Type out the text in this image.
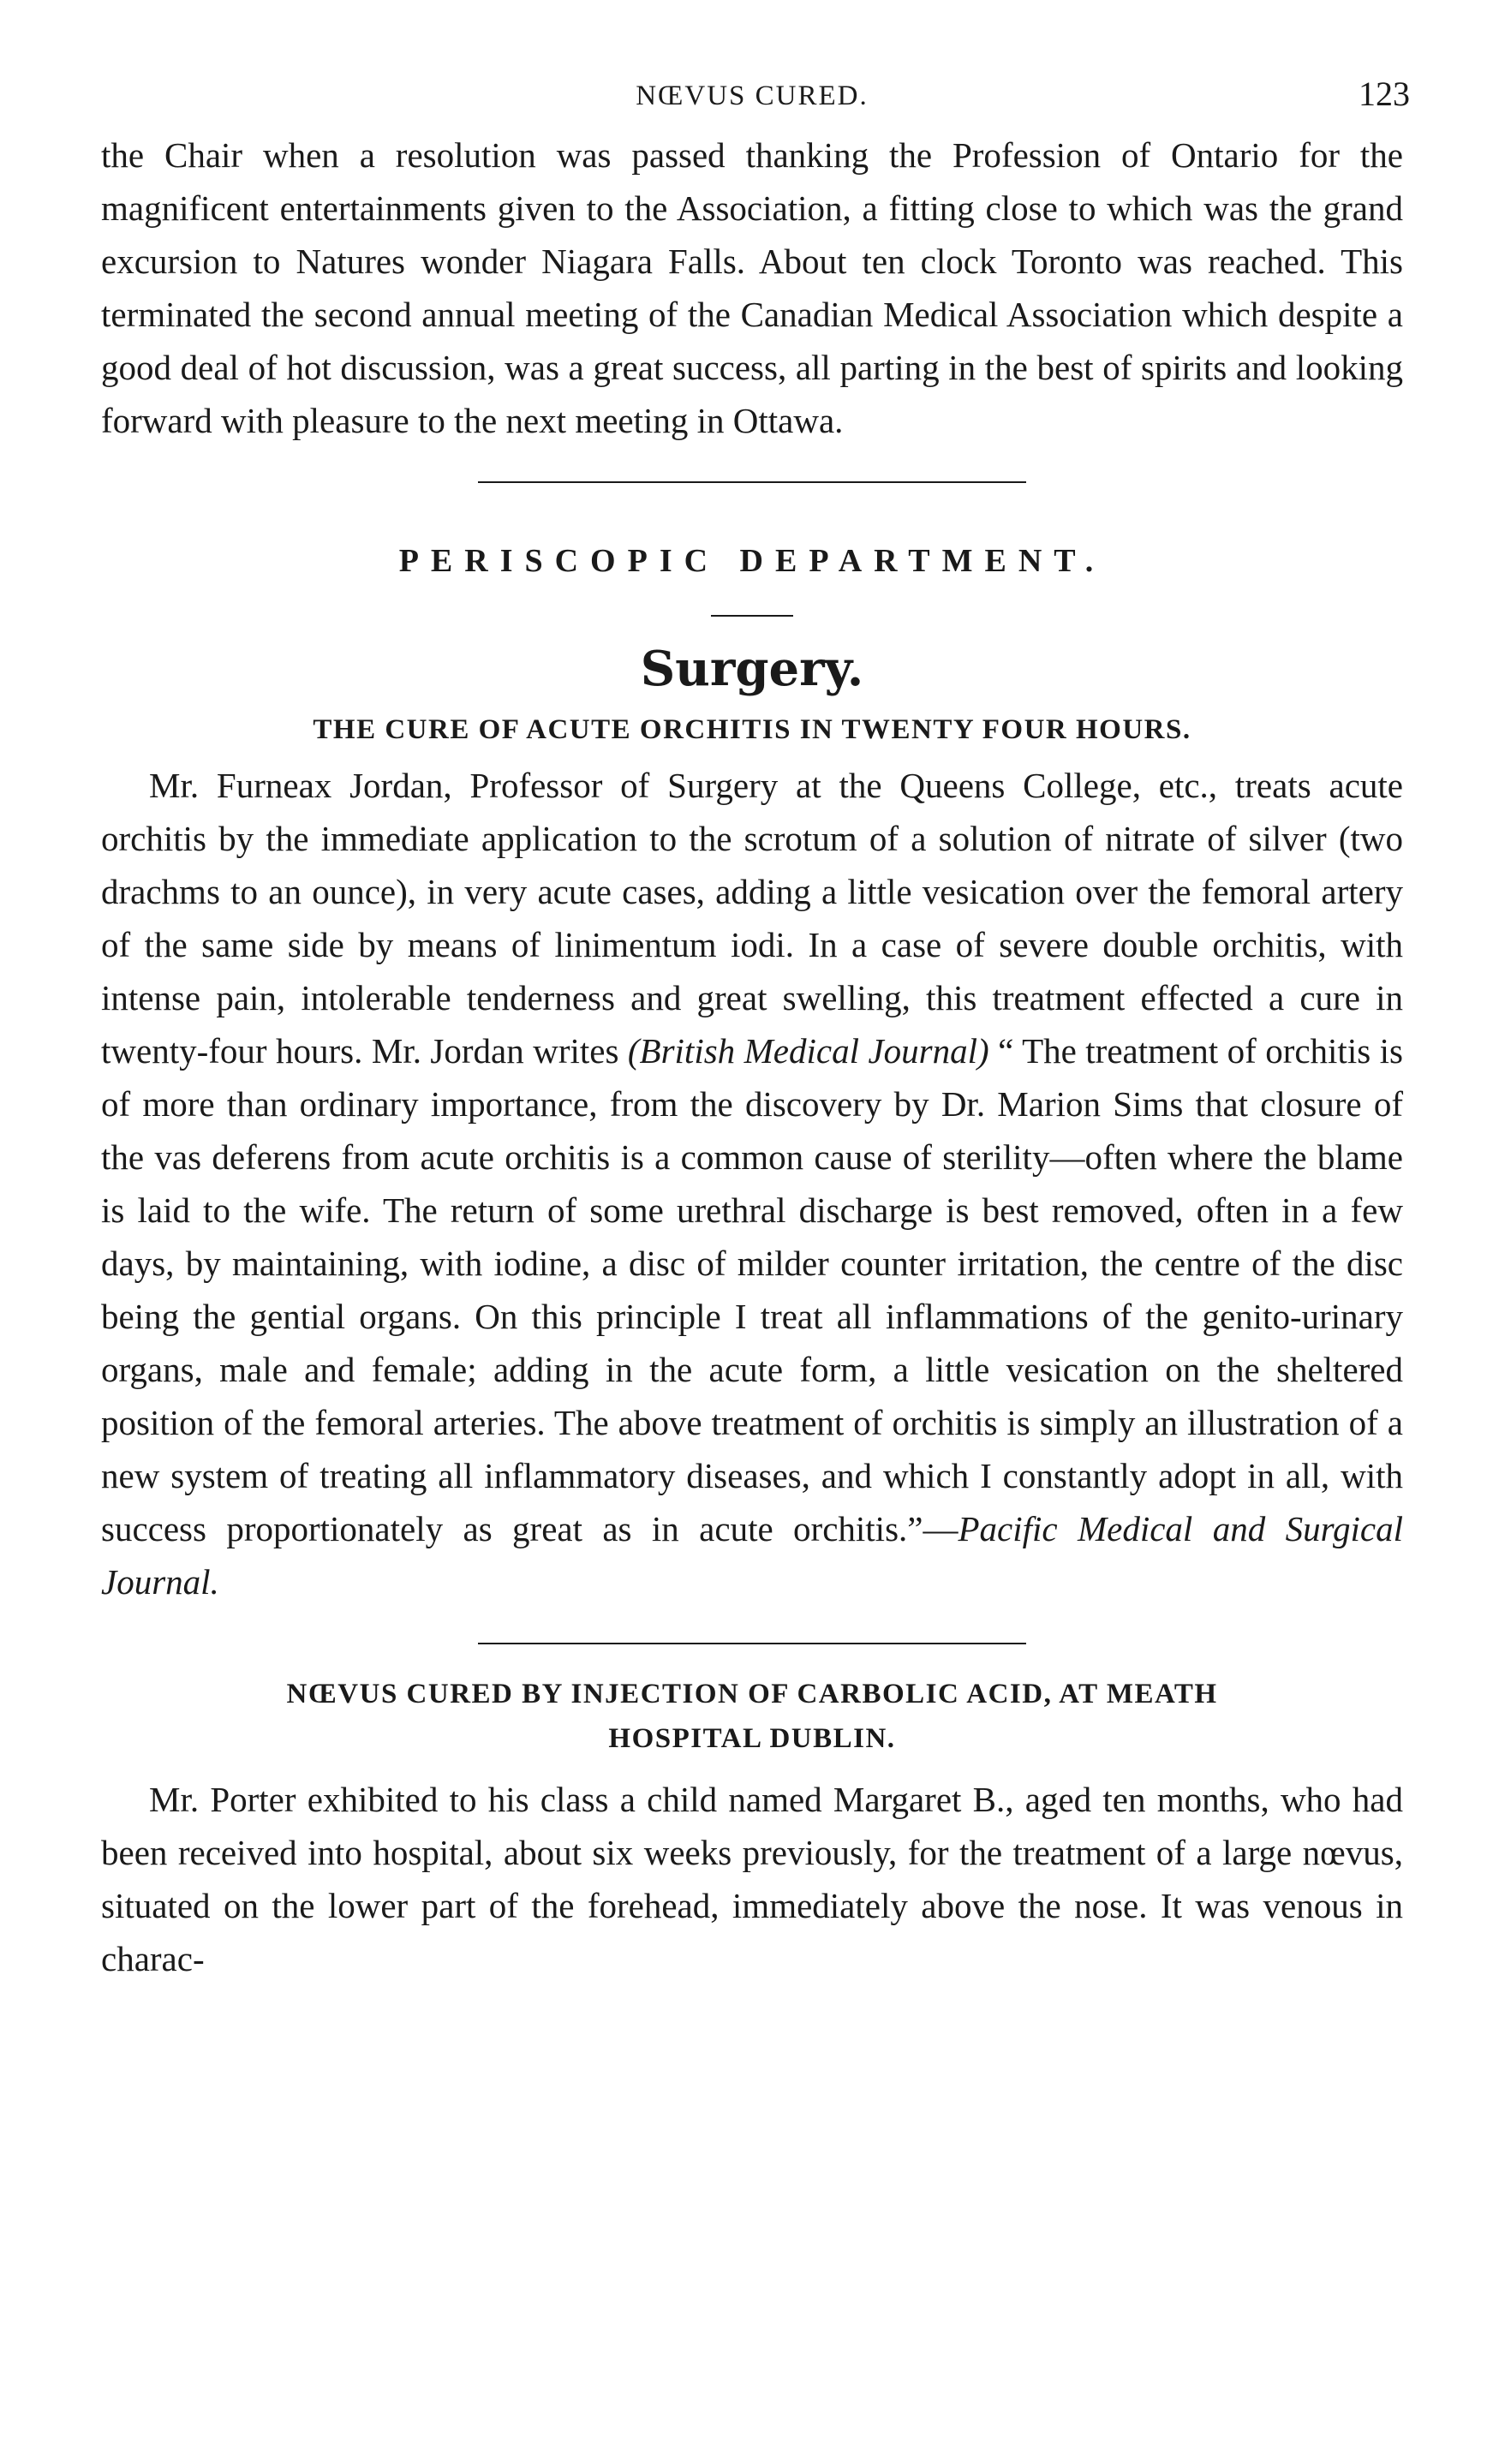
NŒVUS CURED.	123

the Chair when a resolution was passed thanking the Profession of Ontario for the magnificent entertainments given to the Association, a fitting close to which was the grand excursion to Natures wonder Niagara Falls. About ten clock Toronto was reached. This terminated the second annual meeting of the Canadian Medical Association which despite a good deal of hot discussion, was a great success, all parting in the best of spirits and looking forward with pleasure to the next meeting in Ottawa.

PERISCOPIC DEPARTMENT.
Surgery.
THE CURE OF ACUTE ORCHITIS IN TWENTY FOUR HOURS.

Mr. Furneax Jordan, Professor of Surgery at the Queens College, etc., treats acute orchitis by the immediate application to the scrotum of a solution of nitrate of silver (two drachms to an ounce), in very acute cases, adding a little vesication over the femoral artery of the same side by means of linimentum iodi. In a case of severe double orchitis, with intense pain, intolerable tenderness and great swelling, this treatment effected a cure in twenty-four hours. Mr. Jordan writes (British Medical Journal) “ The treatment of orchitis is of more than ordinary importance, from the discovery by Dr. Marion Sims that closure of the vas deferens from acute orchitis is a common cause of sterility—often where the blame is laid to the wife. The return of some urethral discharge is best removed, often in a few days, by maintaining, with iodine, a disc of milder counter irritation, the centre of the disc being the gential organs. On this principle I treat all inflammations of the genito-urinary organs, male and female; adding in the acute form, a little vesication on the sheltered position of the femoral arteries. The above treatment of orchitis is simply an illustration of a new system of treating all inflammatory diseases, and which I constantly adopt in all, with success proportionately as great as in acute orchitis.”—Pacific Medical and Surgical Journal.

NŒVUS CURED BY INJECTION OF CARBOLIC ACID, AT MEATH
HOSPITAL DUBLIN.

Mr. Porter exhibited to his class a child named Margaret B., aged ten months, who had been received into hospital, about six weeks previously, for the treatment of a large nœvus, situated on the lower part of the forehead, immediately above the nose. It was venous in charac-
